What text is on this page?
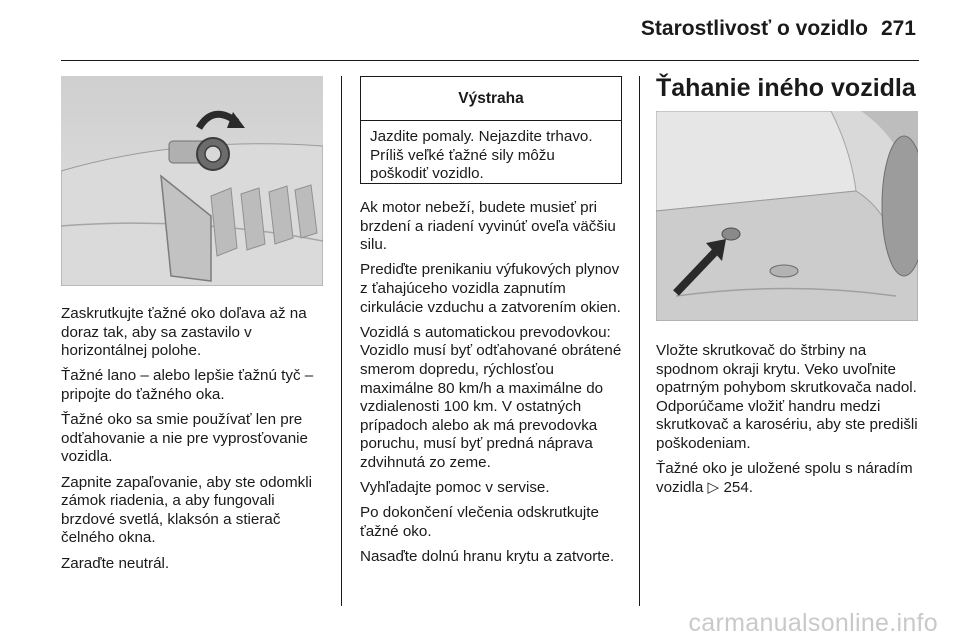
Starostlivosť o vozidlo 271

Zaskrutkujte ťažné oko doľava až na doraz tak, aby sa zastavilo v horizontálnej polohe.

Ťažné lano – alebo lepšie ťažnú tyč – pripojte do ťažného oka.

Ťažné oko sa smie používať len pre odťahovanie a nie pre vyprosťovanie vozidla.

Zapnite zapaľovanie, aby ste odomkli zámok riadenia, a aby fungovali brzdové svetlá, klaksón a stierač čelného okna.

Zaraďte neutrál.

Výstraha
Jazdite pomaly. Nejazdite trhavo. Príliš veľké ťažné sily môžu poškodiť vozidlo.

Ak motor nebeží, budete musieť pri brzdení a riadení vyvinúť oveľa väčšiu silu.

Prediďte prenikaniu výfukových plynov z ťahajúceho vozidla zapnutím cirkulácie vzduchu a zatvorením okien.

Vozidlá s automatickou prevodovkou: Vozidlo musí byť odťahované obrátené smerom dopredu, rýchlosťou maximálne 80 km/h a maximálne do vzdialenosti 100 km. V ostatných prípadoch alebo ak má prevodovka poruchu, musí byť predná náprava zdvihnutá zo zeme.

Vyhľadajte pomoc v servise.

Po dokončení vlečenia odskrutkujte ťažné oko.

Nasaďte dolnú hranu krytu a zatvorte.

Ťahanie iného vozidla

Vložte skrutkovač do štrbiny na spodnom okraji krytu. Veko uvoľnite opatrným pohybom skrutkovača nadol. Odporúčame vložiť handru medzi skrutkovač a karosériu, aby ste predišli poškodeniam.

Ťažné oko je uložené spolu s náradím vozidla ▷ 254.

carmanualsonline.info
